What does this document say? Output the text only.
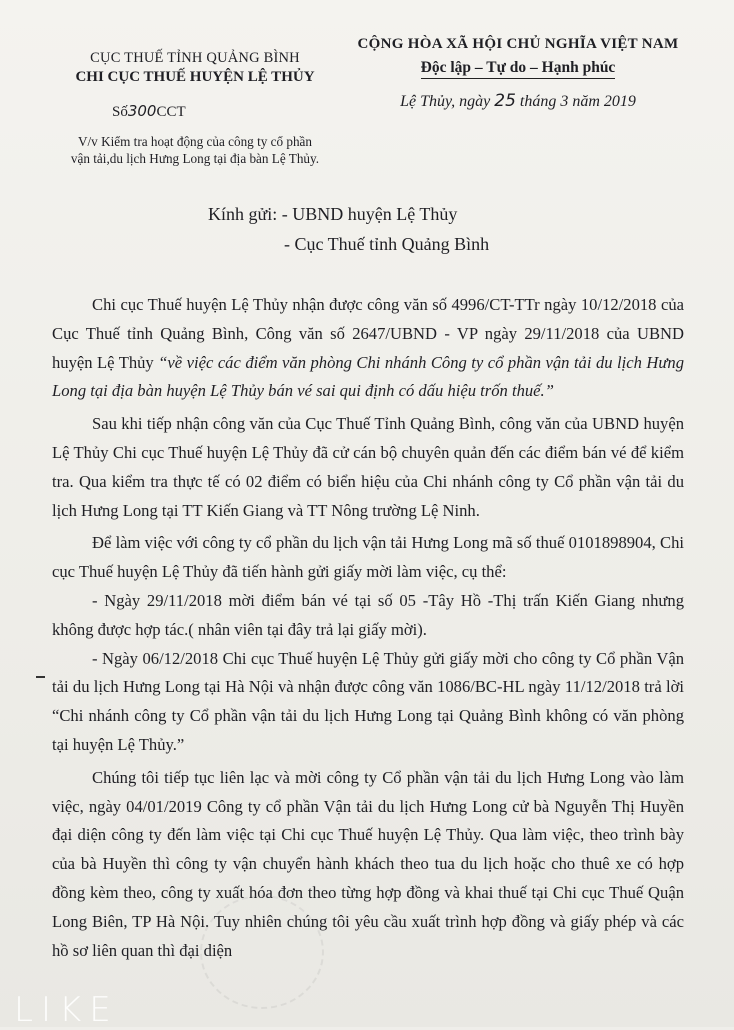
CỤC THUẾ TỈNH QUẢNG BÌNH
CHI CỤC THUẾ HUYỆN LỆ THỦY
Số300CCT
V/v Kiểm tra hoạt động của công ty cổ phần
vận tải,du lịch Hưng Long tại địa bàn Lệ Thủy.
CỘNG HÒA XÃ HỘI CHỦ NGHĨA VIỆT NAM
Độc lập – Tự do – Hạnh phúc
Lệ Thủy, ngày 25 tháng 3 năm 2019
Kính gửi: - UBND huyện Lệ Thủy
- Cục Thuế tỉnh Quảng Bình

Chi cục Thuế huyện Lệ Thủy nhận được công văn số 4996/CT-TTr ngày 10/12/2018 của Cục Thuế tỉnh Quảng Bình, Công văn số 2647/UBND - VP ngày 29/11/2018 của UBND huyện Lệ Thủy “về việc các điểm văn phòng Chi nhánh Công ty cổ phần vận tải du lịch Hưng Long tại địa bàn huyện Lệ Thủy bán vé sai qui định có dấu hiệu trốn thuế.”

Sau khi tiếp nhận công văn của Cục Thuế Tỉnh Quảng Bình, công văn của UBND huyện Lệ Thủy Chi cục Thuế huyện Lệ Thủy đã cử cán bộ chuyên quản đến các điểm bán vé để kiểm tra. Qua kiểm tra thực tế có 02 điểm có biển hiệu của Chi nhánh công ty Cổ phần vận tải du lịch Hưng Long tại TT Kiến Giang và TT Nông trường Lệ Ninh.

Để làm việc với công ty cổ phần du lịch vận tải Hưng Long mã số thuế 0101898904, Chi cục Thuế huyện Lệ Thủy đã tiến hành gửi giấy mời làm việc, cụ thể:

- Ngày 29/11/2018 mời điểm bán vé tại số 05 -Tây Hồ -Thị trấn Kiến Giang nhưng không được hợp tác.( nhân viên tại đây trả lại giấy mời).

- Ngày 06/12/2018 Chi cục Thuế huyện Lệ Thủy gửi giấy mời cho công ty Cổ phần Vận tải du lịch Hưng Long tại Hà Nội và nhận được công văn 1086/BC-HL ngày 11/12/2018 trả lời “Chi nhánh công ty Cổ phần vận tải du lịch Hưng Long tại Quảng Bình không có văn phòng tại huyện Lệ Thủy.”

Chúng tôi tiếp tục liên lạc và mời công ty Cổ phần vận tải du lịch Hưng Long vào làm việc, ngày 04/01/2019 Công ty cổ phần Vận tải du lịch Hưng Long cử bà Nguyễn Thị Huyền đại diện công ty đến làm việc tại Chi cục Thuế huyện Lệ Thủy. Qua làm việc, theo trình bày của bà Huyền thì công ty vận chuyển hành khách theo tua du lịch hoặc cho thuê xe có hợp đồng kèm theo, công ty xuất hóa đơn theo từng hợp đồng và khai thuế tại Chi cục Thuế Quận Long Biên, TP Hà Nội. Tuy nhiên chúng tôi yêu cầu xuất trình hợp đồng và giấy phép và các hồ sơ liên quan thì đại diện

LIKE
